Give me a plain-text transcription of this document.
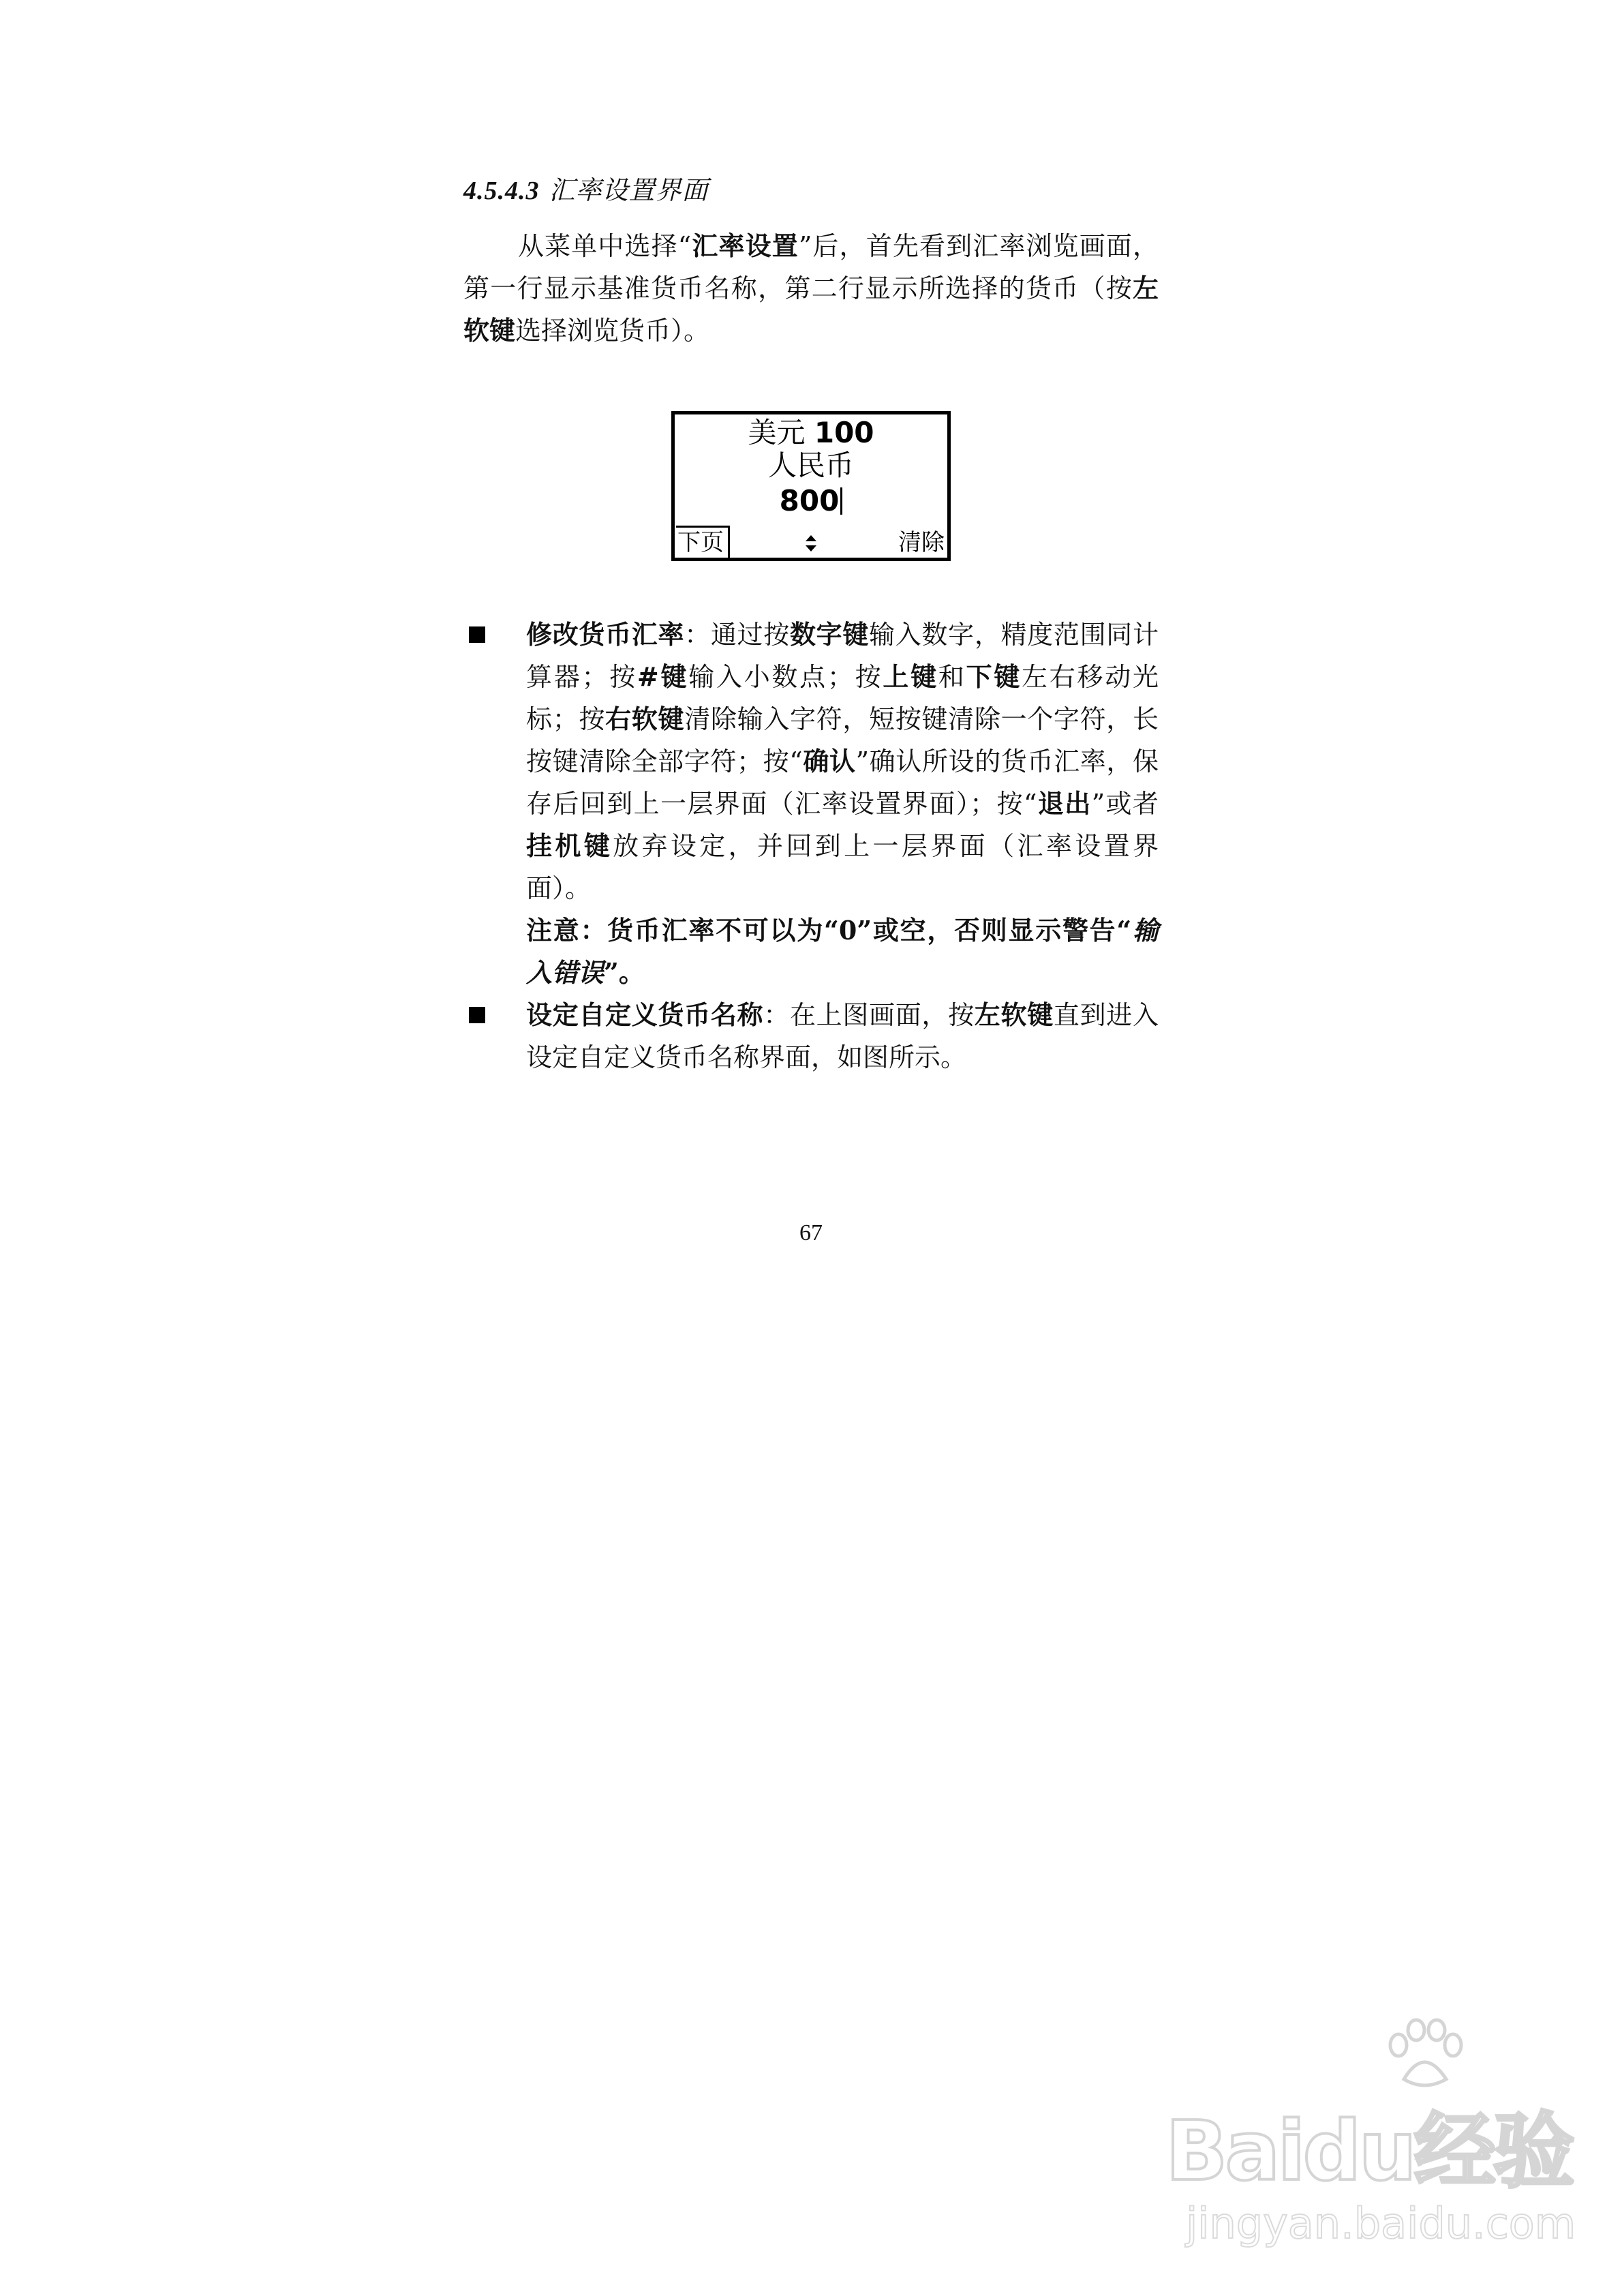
4.5.4.3 汇率设置界面
从菜单中选择“汇率设置”后，首先看到汇率浏览画面，第一行显示基准货币名称，第二行显示所选择的货币（按左软键选择浏览货币）。
美元 100
人民币
800
下页	清除
修改货币汇率：通过按数字键输入数字，精度范围同计算器；按#键输入小数点；按上键和下键左右移动光标；按右软键清除输入字符，短按键清除一个字符，长按键清除全部字符；按“确认”确认所设的货币汇率，保存后回到上一层界面（汇率设置界面）；按“退出”或者挂机键放弃设定，并回到上一层界面（汇率设置界面）。
注意：货币汇率不可以为“0”或空，否则显示警告“输入错误”。
设定自定义货币名称：在上图画面，按左软键直到进入设定自定义货币名称界面，如图所示。
67
Baidu经验
jingyan.baidu.com
